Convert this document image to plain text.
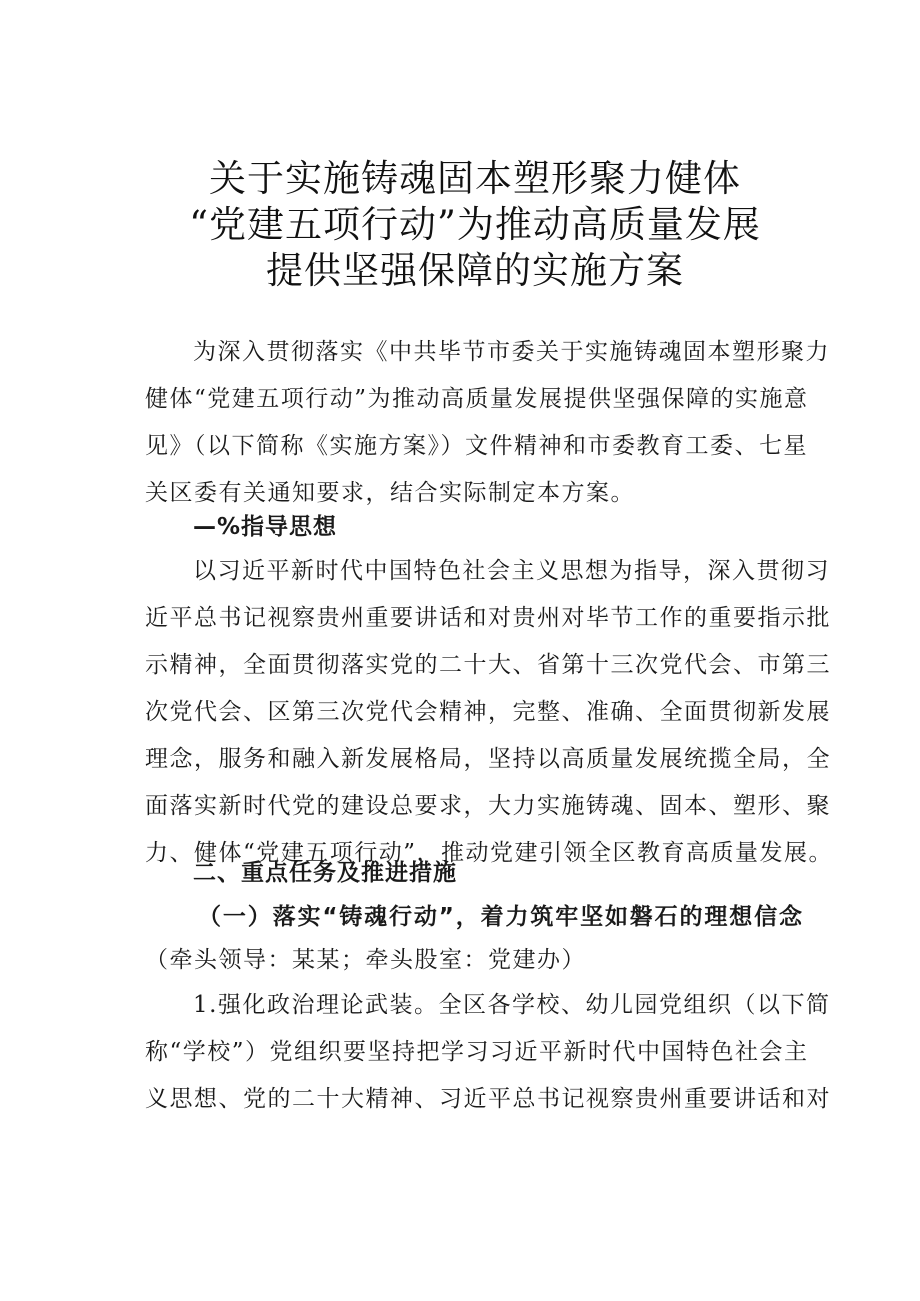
关于实施铸魂固本塑形聚力健体
“党建五项行动”为推动高质量发展
提供坚强保障的实施方案
为深入贯彻落实《中共毕节市委关于实施铸魂固本塑形聚力
健体“党建五项行动”为推动高质量发展提供坚强保障的实施意
见》（以下简称《实施方案》）文件精神和市委教育工委、七星
关区委有关通知要求，结合实际制定本方案。
—%指导思想
以习近平新时代中国特色社会主义思想为指导，深入贯彻习
近平总书记视察贵州重要讲话和对贵州对毕节工作的重要指示批
示精神，全面贯彻落实党的二十大、省第十三次党代会、市第三
次党代会、区第三次党代会精神，完整、准确、全面贯彻新发展
理念，服务和融入新发展格局，坚持以高质量发展统揽全局，全
面落实新时代党的建设总要求，大力实施铸魂、固本、塑形、聚
力、健体“党建五项行动”，推动党建引领全区教育高质量发展。
二、重点任务及推进措施
（一）落实“铸魂行动”，着力筑牢坚如磐石的理想信念
（牵头领导：某某；牵头股室：党建办）
1.强化政治理论武装。全区各学校、幼儿园党组织（以下简
称“学校”）党组织要坚持把学习习近平新时代中国特色社会主
义思想、党的二十大精神、习近平总书记视察贵州重要讲话和对
